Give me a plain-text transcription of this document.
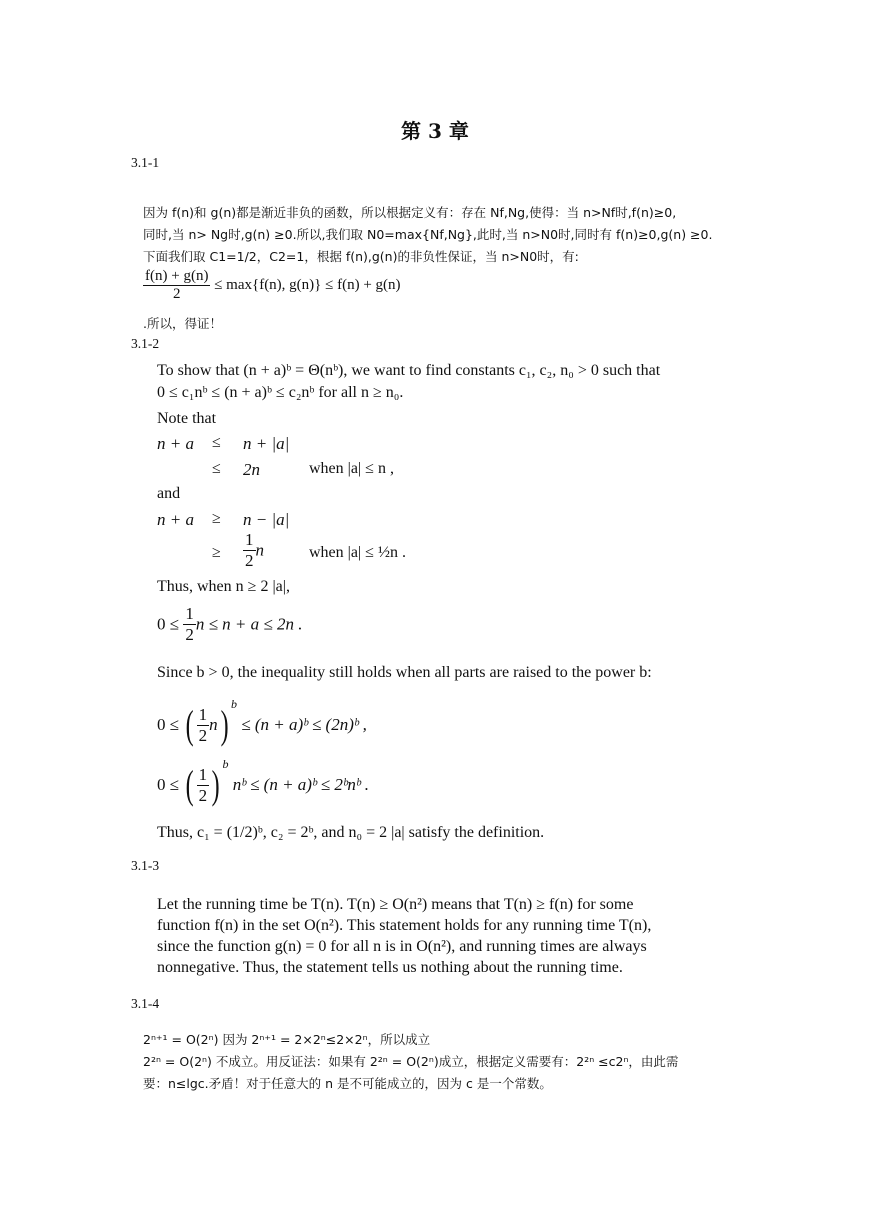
第 3 章
3.1-1
因为 f(n)和 g(n)都是渐近非负的函数，所以根据定义有：存在 Nf,Ng,使得：当 n>Nf时,f(n)≥0,
同时,当 n> Ng时,g(n) ≥0.所以,我们取 N0=max{Nf,Ng},此时,当 n>N0时,同时有 f(n)≥0,g(n) ≥0.
下面我们取 C1=1/2，C2=1，根据 f(n),g(n)的非负性保证，当 n>N0时，有:
$\frac{f(n) + g(n)}{2} \le \max\{f(n)$, g(n)} ≤ f(n) + g(n)
.所以，得证！
3.1-2
To show that (n + a)ᵇ = Θ(nᵇ), we want to find constants c₁, c₂, n₀ > 0 such that
0 ≤ c₁nᵇ ≤ (n + a)ᵇ ≤ c₂nᵇ for all n ≥ n₀.
Note that
n + a ≤ n + |a|
≤ 2n	when |a| ≤ n ,
and
n + a ≥ n − |a|
≥ $\frac{1}{2}$ n	when |a| ≤ ½n .
Thus, when n ≥ 2 |a|,
$0 \le \frac{1}{2}$ n ≤ n + a ≤ 2n .
Since b > 0, the inequality still holds when all parts are raised to the power b:
0 ≤ ( $\frac{1}{2} n$) $^b$ ≤ (n + a)ᵇ ≤ (2n)ᵇ ,
0 ≤ ( $\frac{1}{2}$ ) $^b$ nᵇ ≤ (n + a)ᵇ ≤ 2ᵇnᵇ .
Thus, c₁ = (1/2)ᵇ, c₂ = 2ᵇ, and n₀ = 2 |a| satisfy the definition.
3.1-3
Let the running time be T(n). T(n) ≥ O(n²) means that T(n) ≥ f(n) for some
function f(n) in the set O(n²). This statement holds for any running time T(n),
since the function g(n) = 0 for all n is in O(n²), and running times are always
nonnegative. Thus, the statement tells us nothing about the running time.
3.1-4
2ⁿ⁺¹ = O(2ⁿ) 因为 2ⁿ⁺¹ = 2×2ⁿ≤2×2ⁿ，所以成立
2²ⁿ = O(2ⁿ) 不成立。用反证法：如果有 2²ⁿ = O(2ⁿ)成立，根据定义需要有：2²ⁿ ≤c2ⁿ，由此需
要：n≤lgc.矛盾！对于任意大的 n 是不可能成立的，因为 c 是一个常数。
